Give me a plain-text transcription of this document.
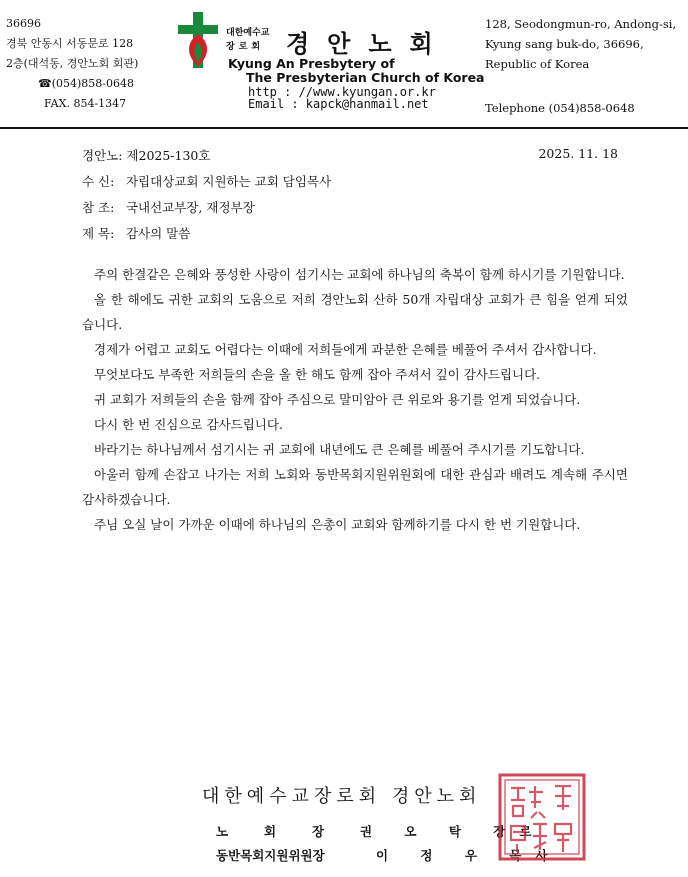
36696
경북 안동시 서동문로 128
2층(대석동, 경안노회 회관)
☎(054)858-0648
FAX. 854-1347
대한예수교
장로회 경안노회
Kyung An Presbytery of
The Presbyterian Church of Korea
http : //www.kyungan.or.kr
Email : kapck@hanmail.net
128, Seodongmun-ro, Andong-si,
Kyung sang buk-do, 36696,
Republic of Korea
Telephone (054)858-0648
경안노: 제2025-130호	2025. 11. 18
수 신: 자립대상교회 지원하는 교회 담임목사
참 조: 국내선교부장, 재정부장
제 목: 감사의 말씀

주의 한결같은 은혜와 풍성한 사랑이 섬기시는 교회에 하나님의 축복이 함께 하시기를 기원합니다.

올 한 해에도 귀한 교회의 도움으로 저희 경안노회 산하 50개 자립대상 교회가 큰 힘을 얻게 되었습니다.

경제가 어렵고 교회도 어렵다는 이때에 저희들에게 과분한 은혜를 베풀어 주셔서 감사합니다.

무엇보다도 부족한 저희들의 손을 올 한 해도 함께 잡아 주셔서 깊이 감사드립니다.

귀 교회가 저희들의 손을 함께 잡아 주심으로 말미암아 큰 위로와 용기를 얻게 되었습니다.

다시 한 번 진심으로 감사드립니다.

바라기는 하나님께서 섬기시는 귀 교회에 내년에도 큰 은혜를 베풀어 주시기를 기도합니다.

아울러 함께 손잡고 나가는 저희 노회와 동반목회지원위원회에 대한 관심과 배려도 계속해 주시면 감사하겠습니다.

주님 오실 날이 가까운 이때에 하나님의 은총이 교회와 함께하기를 다시 한 번 기원합니다.

대한예수교장로회 경안노회
노	회	장	권 오 탁 장로
동반목회지원위원장	이 정 우 목사
